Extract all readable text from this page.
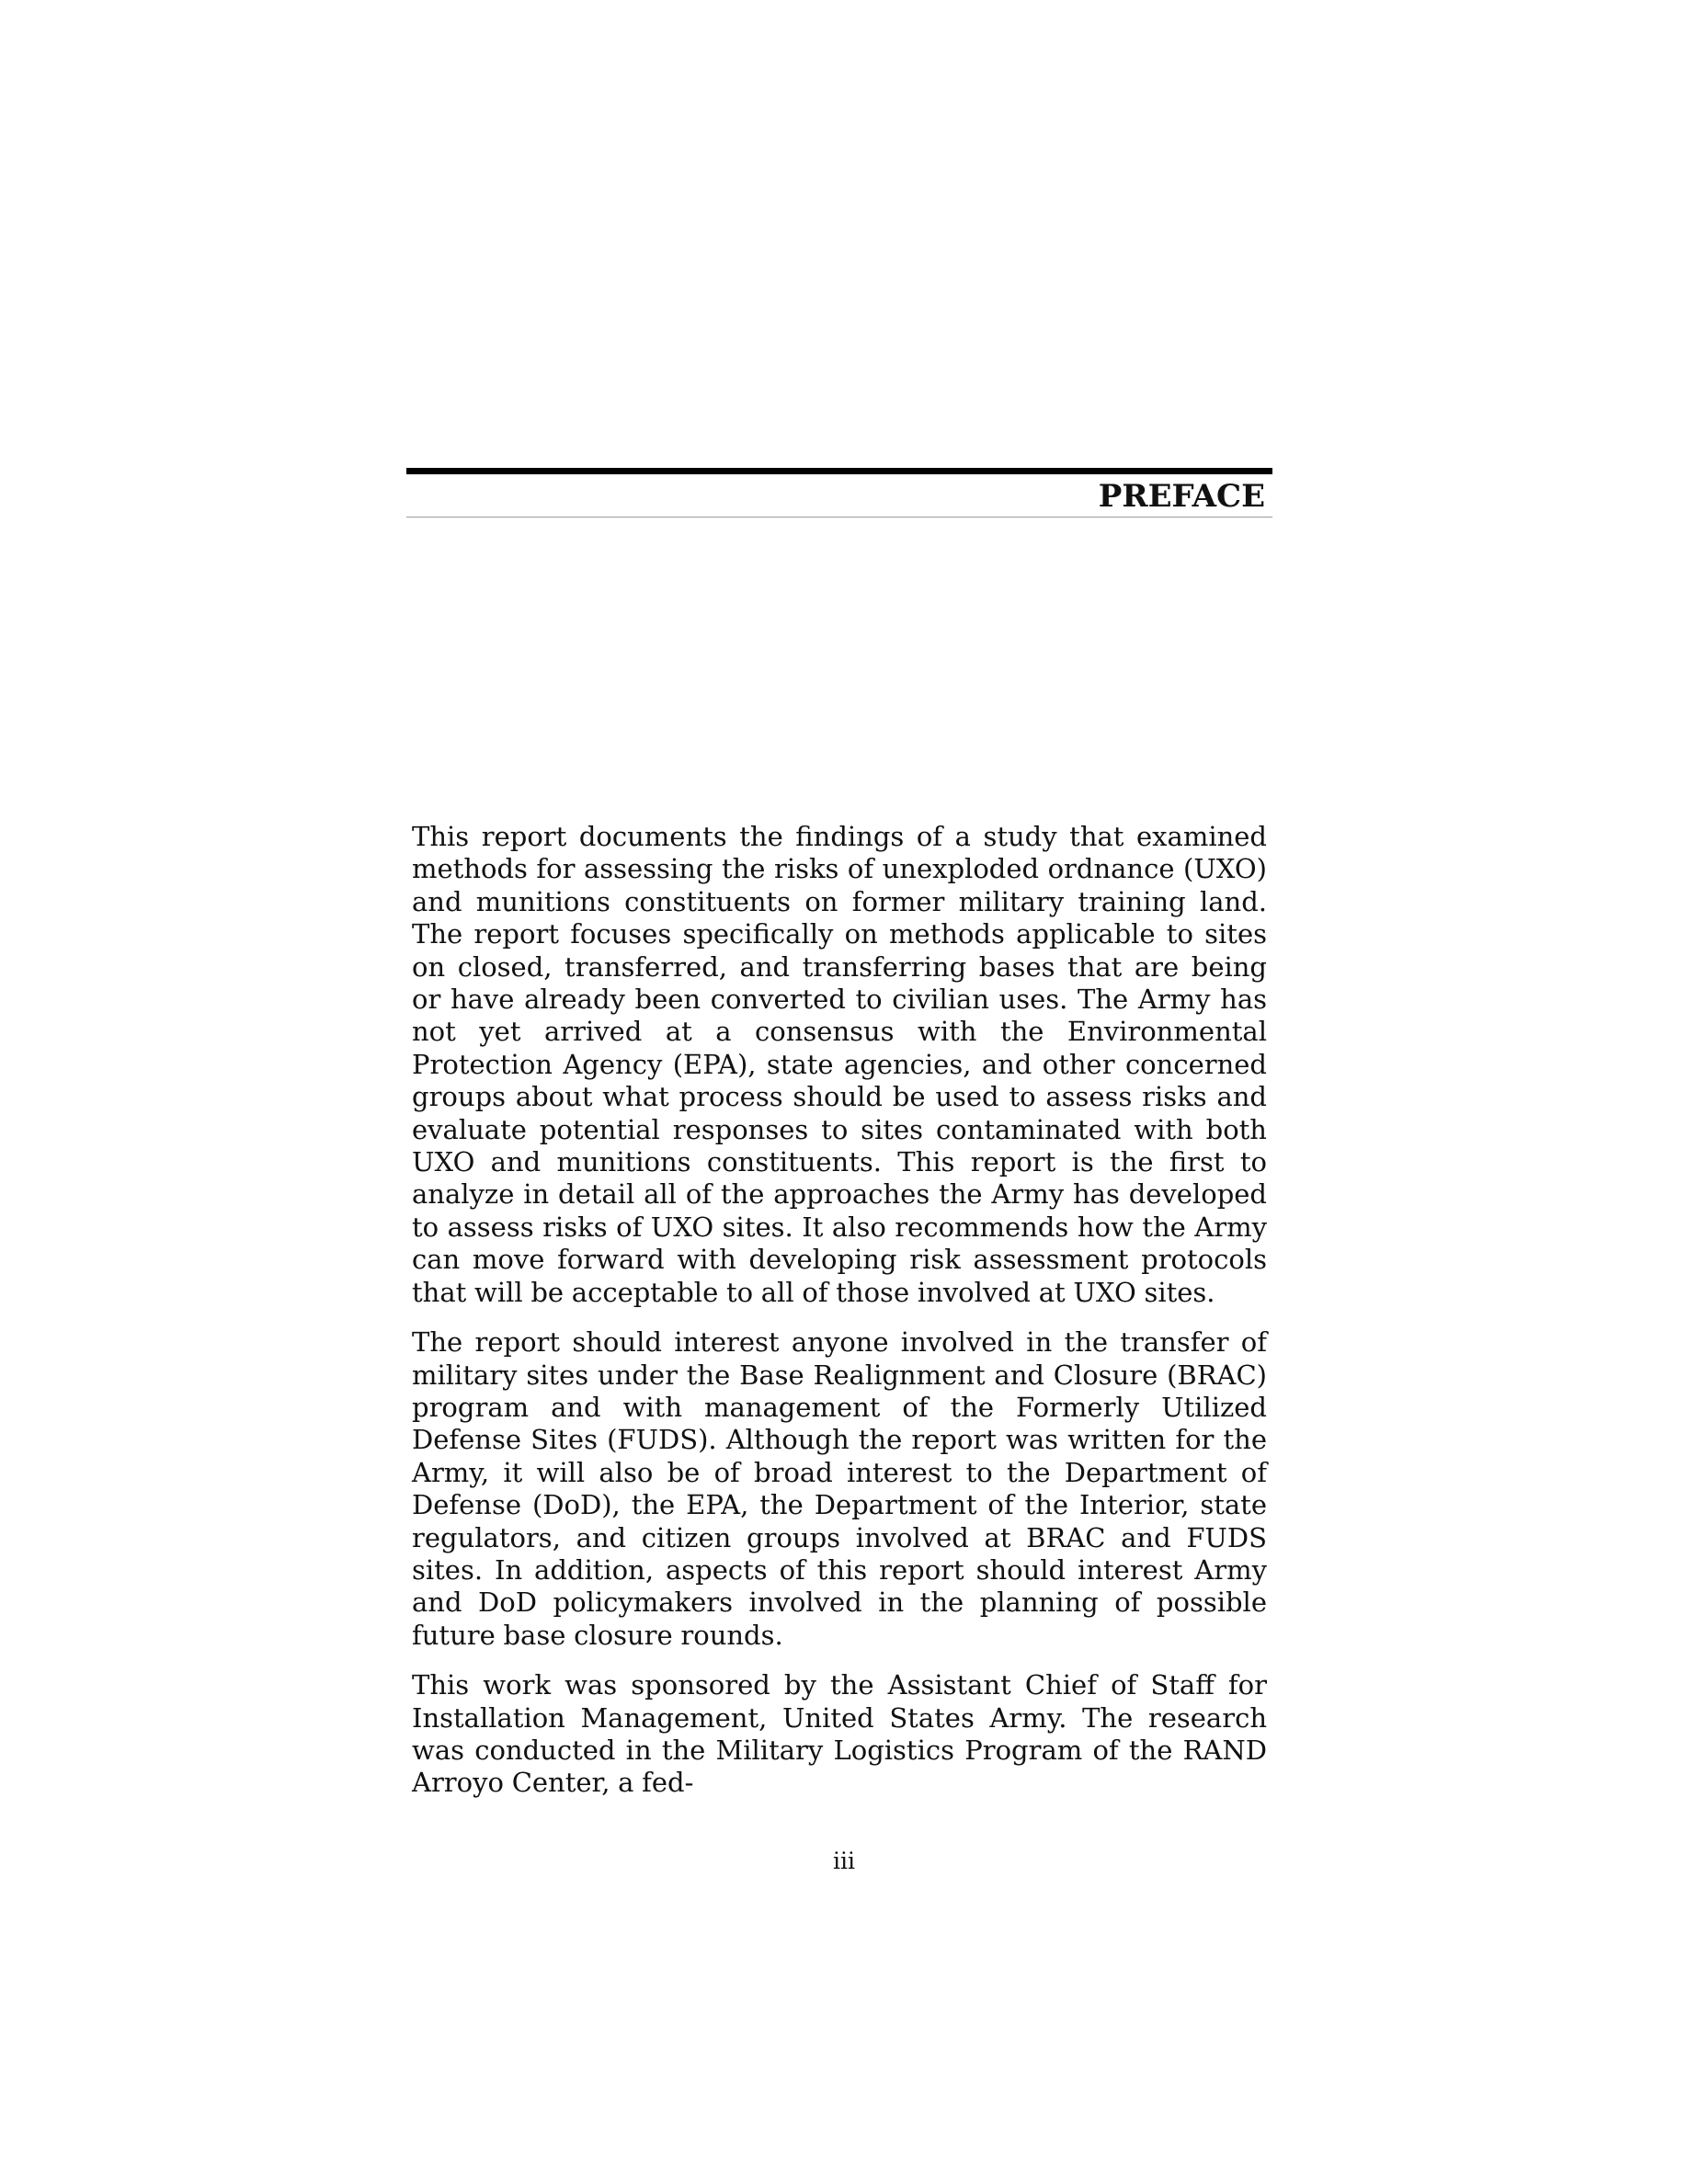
PREFACE

This report documents the findings of a study that examined methods for assessing the risks of unexploded ordnance (UXO) and munitions constituents on former military training land. The report focuses specifically on methods applicable to sites on closed, transferred, and transferring bases that are being or have already been converted to civilian uses. The Army has not yet arrived at a consensus with the Environmental Protection Agency (EPA), state agencies, and other concerned groups about what process should be used to assess risks and evaluate potential responses to sites contaminated with both UXO and munitions constituents. This report is the first to analyze in detail all of the approaches the Army has developed to assess risks of UXO sites. It also recommends how the Army can move forward with developing risk assessment protocols that will be acceptable to all of those involved at UXO sites.

The report should interest anyone involved in the transfer of military sites under the Base Realignment and Closure (BRAC) program and with management of the Formerly Utilized Defense Sites (FUDS). Although the report was written for the Army, it will also be of broad interest to the Department of Defense (DoD), the EPA, the Department of the Interior, state regulators, and citizen groups involved at BRAC and FUDS sites. In addition, aspects of this report should interest Army and DoD policymakers involved in the planning of possible future base closure rounds.

This work was sponsored by the Assistant Chief of Staff for Installation Management, United States Army. The research was conducted in the Military Logistics Program of the RAND Arroyo Center, a fed-

iii
